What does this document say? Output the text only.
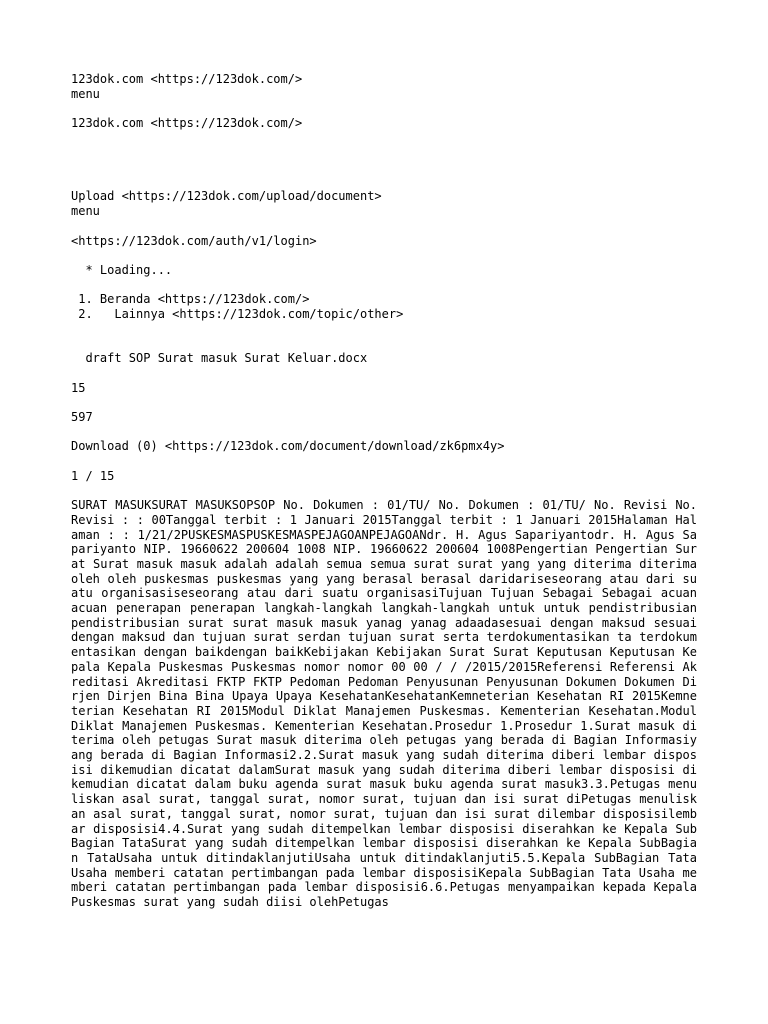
123dok.com <https://123dok.com/>

menu

123dok.com <https://123dok.com/>

Upload <https://123dok.com/upload/document>

menu

<https://123dok.com/auth/v1/login>

* Loading...

1. Beranda <https://123dok.com/>

2.   Lainnya <https://123dok.com/topic/other>

draft SOP Surat masuk Surat Keluar.docx

15

597

Download (0) <https://123dok.com/document/download/zk6pmx4y>

1 / 15

SURAT MASUKSURAT MASUKSOPSOP No. Dokumen : 01/TU/ No. Dokumen : 01/TU/ No. Revisi No. Revisi : : 00Tanggal terbit : 1 Januari 2015Tanggal terbit : 1 Januari 2015Halaman Halaman : : 1/21/2PUSKESMASPUSKESMASPEJAGOANPEJAGOANdr. H. Agus Sapariyantodr. H. Agus Sapariyanto NIP. 19660622 200604 1008 NIP. 19660622 200604 1008Pengertian Pengertian Surat Surat masuk masuk adalah adalah semua semua surat surat yang yang diterima diterima oleh oleh puskesmas puskesmas yang yang berasal berasal daridariseseorang atau dari suatu organisasiseseorang atau dari suatu organisasiTujuan Tujuan Sebagai Sebagai acuan acuan penerapan penerapan langkah-langkah langkah-langkah untuk untuk pendistribusian pendistribusian surat surat masuk masuk yanag yanag adaadasesuai dengan maksud sesuai dengan maksud dan tujuan surat serdan tujuan surat serta terdokumentasikan ta terdokumentasikan dengan baikdengan baikKebijakan Kebijakan Surat Surat Keputusan Keputusan Kepala Kepala Puskesmas Puskesmas nomor nomor 00 00 / / /2015/2015Referensi Referensi Akreditasi Akreditasi FKTP FKTP Pedoman Pedoman Penyusunan Penyusunan Dokumen Dokumen Dirjen Dirjen Bina Bina Upaya Upaya KesehatanKesehatanKemneterian Kesehatan RI 2015Kemneterian Kesehatan RI 2015Modul Diklat Manajemen Puskesmas. Kementerian Kesehatan.Modul Diklat Manajemen Puskesmas. Kementerian Kesehatan.Prosedur 1.Prosedur 1.Surat masuk diterima oleh petugas Surat masuk diterima oleh petugas yang berada di Bagian Informasiyang berada di Bagian Informasi2.2.Surat masuk yang sudah diterima diberi lembar disposisi dikemudian dicatat dalamSurat masuk yang sudah diterima diberi lembar disposisi dikemudian dicatat dalam buku agenda surat masuk buku agenda surat masuk3.3.Petugas menuliskan asal surat, tanggal surat, nomor surat, tujuan dan isi surat diPetugas menuliskan asal surat, tanggal surat, nomor surat, tujuan dan isi surat dilembar disposisilembar disposisi4.4.Surat yang sudah ditempelkan lembar disposisi diserahkan ke Kepala SubBagian TataSurat yang sudah ditempelkan lembar disposisi diserahkan ke Kepala SubBagian TataUsaha untuk ditindaklanjutiUsaha untuk ditindaklanjuti5.5.Kepala SubBagian Tata Usaha memberi catatan pertimbangan pada lembar disposisiKepala SubBagian Tata Usaha memberi catatan pertimbangan pada lembar disposisi6.6.Petugas menyampaikan kepada Kepala Puskesmas surat yang sudah diisi olehPetugas
